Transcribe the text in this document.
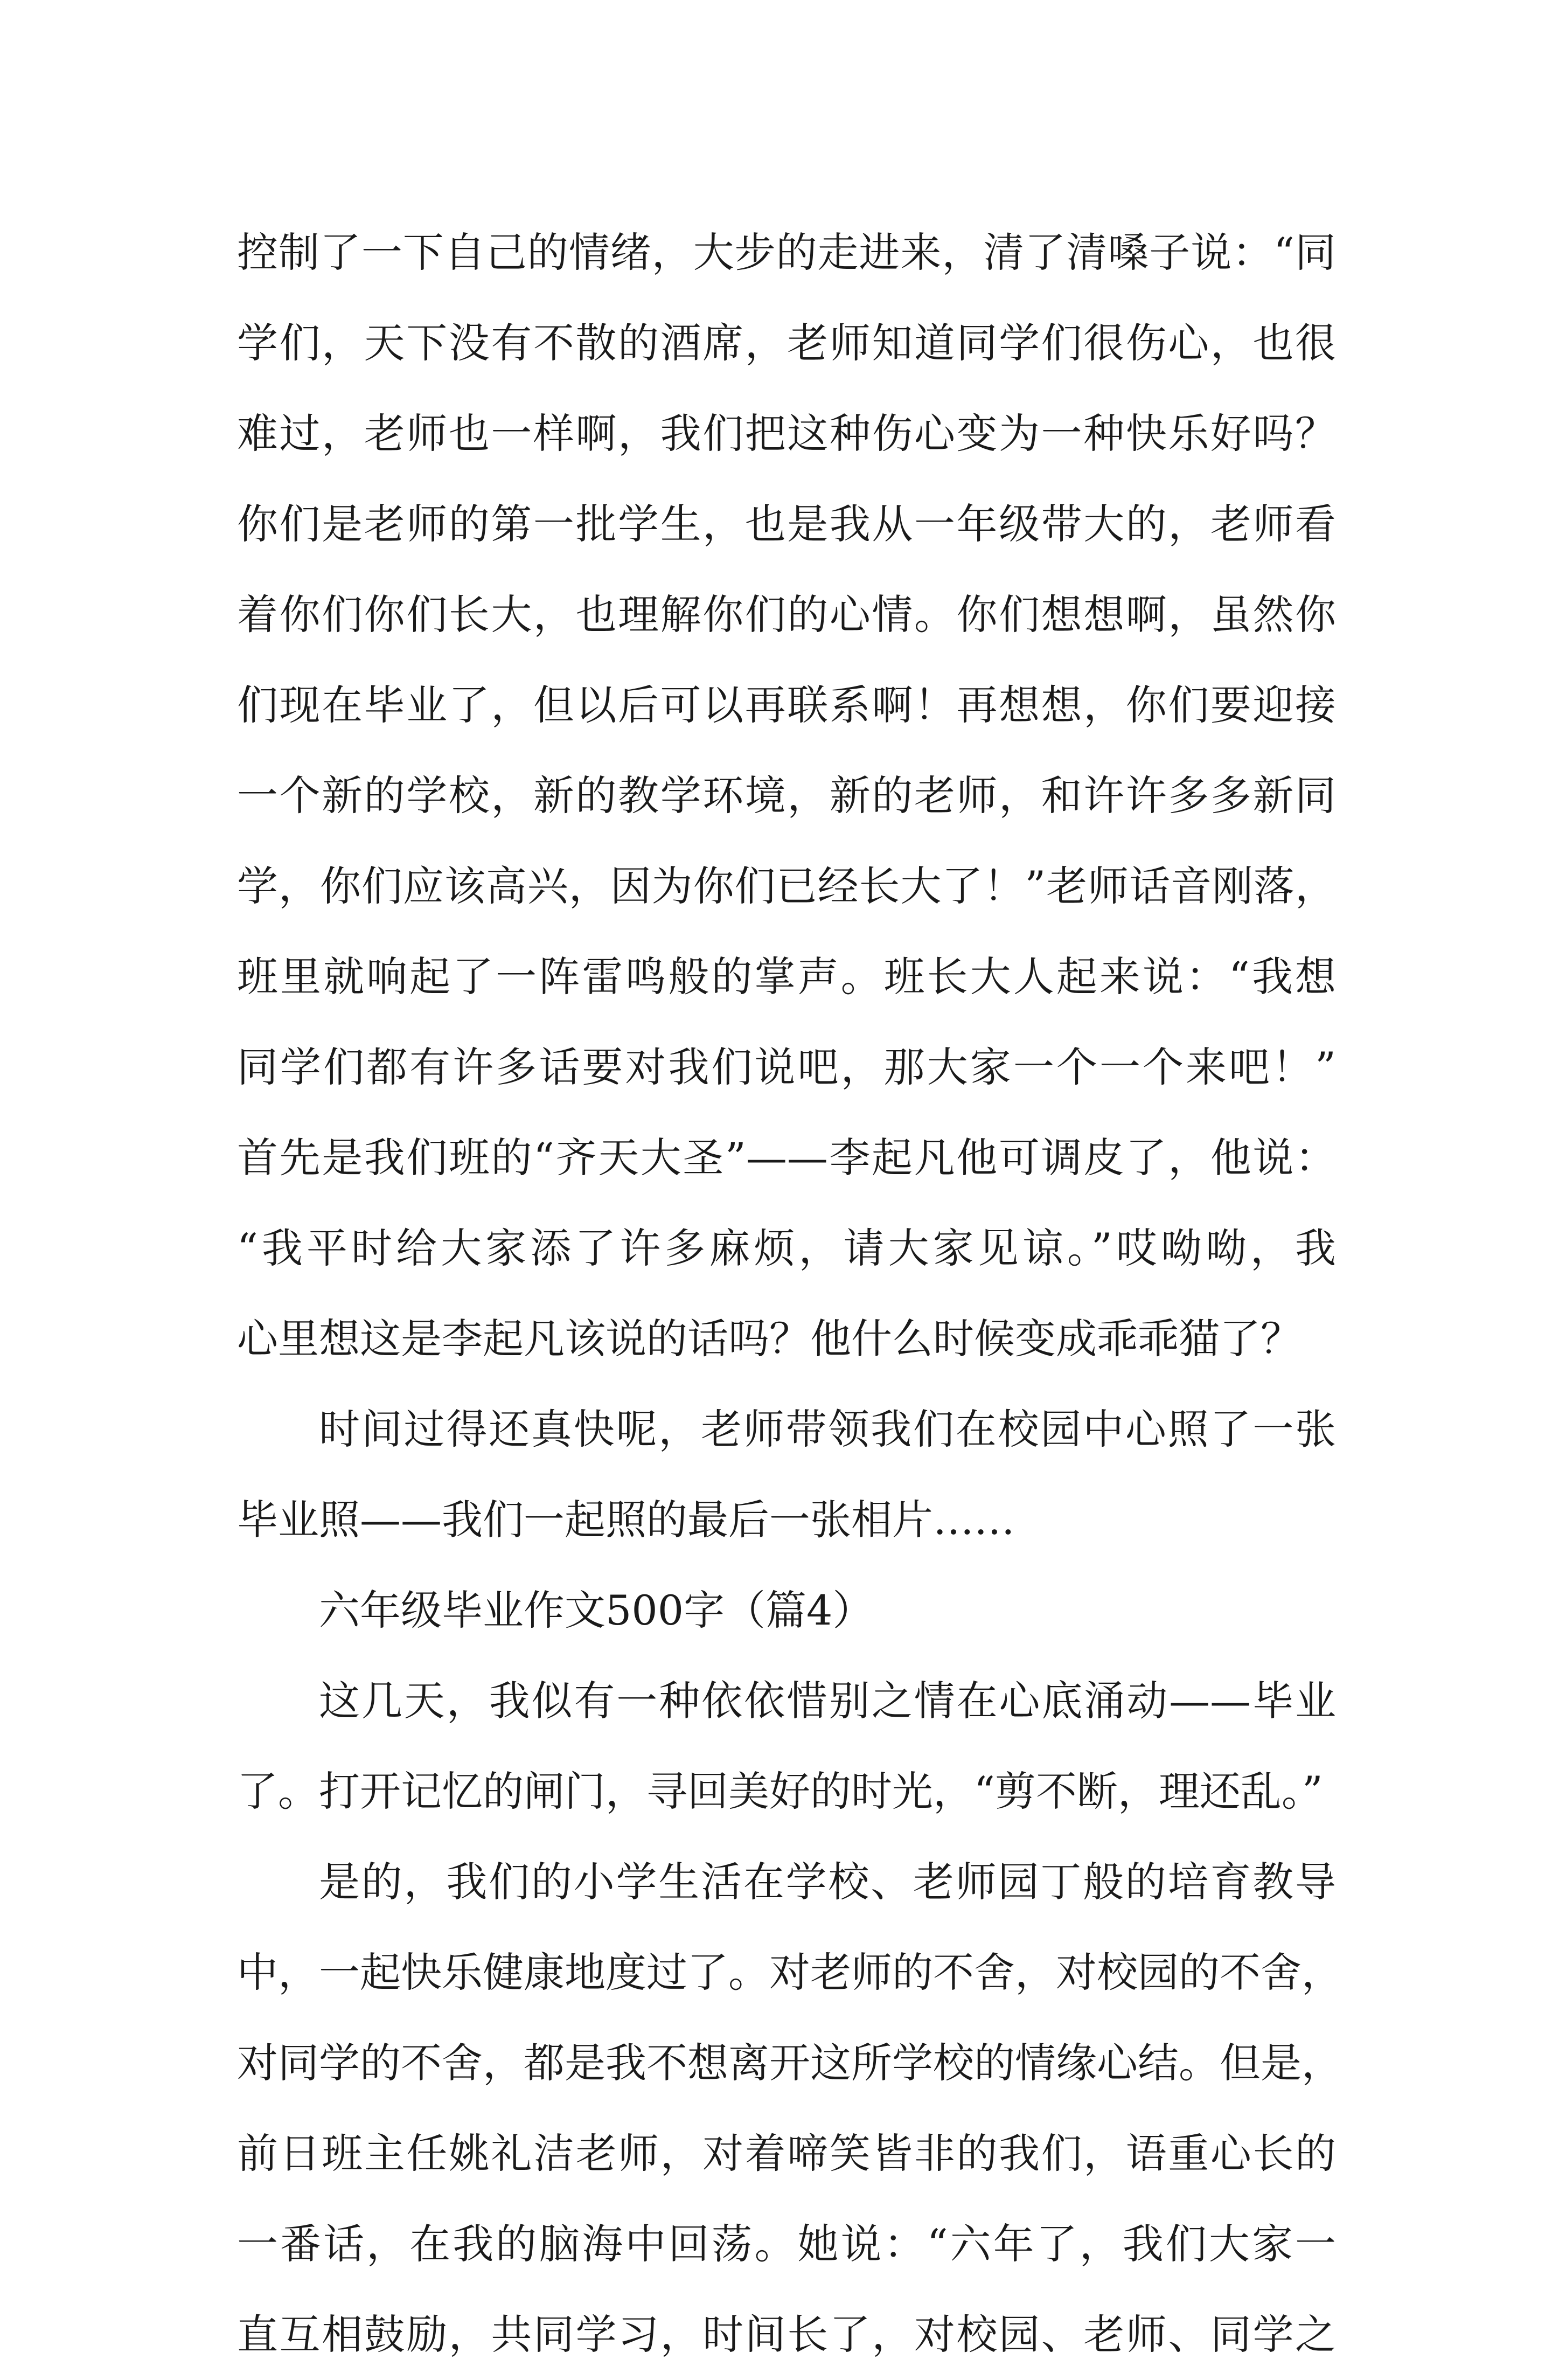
控制了一下自己的情绪，大步的走进来，清了清嗓子说：“同
学们，天下没有不散的酒席，老师知道同学们很伤心，也很
难过，老师也一样啊，我们把这种伤心变为一种快乐好吗？
你们是老师的第一批学生，也是我从一年级带大的，老师看
着你们你们长大，也理解你们的心情。你们想想啊，虽然你
们现在毕业了，但以后可以再联系啊！再想想，你们要迎接
一个新的学校，新的教学环境，新的老师，和许许多多新同
学，你们应该高兴，因为你们已经长大了！”老师话音刚落，
班里就响起了一阵雷鸣般的掌声。班长大人起来说：“我想
同学们都有许多话要对我们说吧，那大家一个一个来吧！”
首先是我们班的“齐天大圣”——李起凡他可调皮了，他说：
“我平时给大家添了许多麻烦，请大家见谅。”哎呦呦，我
心里想这是李起凡该说的话吗？他什么时候变成乖乖猫了？
时间过得还真快呢，老师带领我们在校园中心照了一张
毕业照——我们一起照的最后一张相片……
六年级毕业作文500字（篇4）
这几天，我似有一种依依惜别之情在心底涌动——毕业
了。打开记忆的闸门，寻回美好的时光，“剪不断，理还乱。”
是的，我们的小学生活在学校、老师园丁般的培育教导
中，一起快乐健康地度过了。对老师的不舍，对校园的不舍，
对同学的不舍，都是我不想离开这所学校的情缘心结。但是，
前日班主任姚礼洁老师，对着啼笑皆非的我们，语重心长的
一番话，在我的脑海中回荡。她说：“六年了，我们大家一
直互相鼓励，共同学习，时间长了，对校园、老师、同学之
